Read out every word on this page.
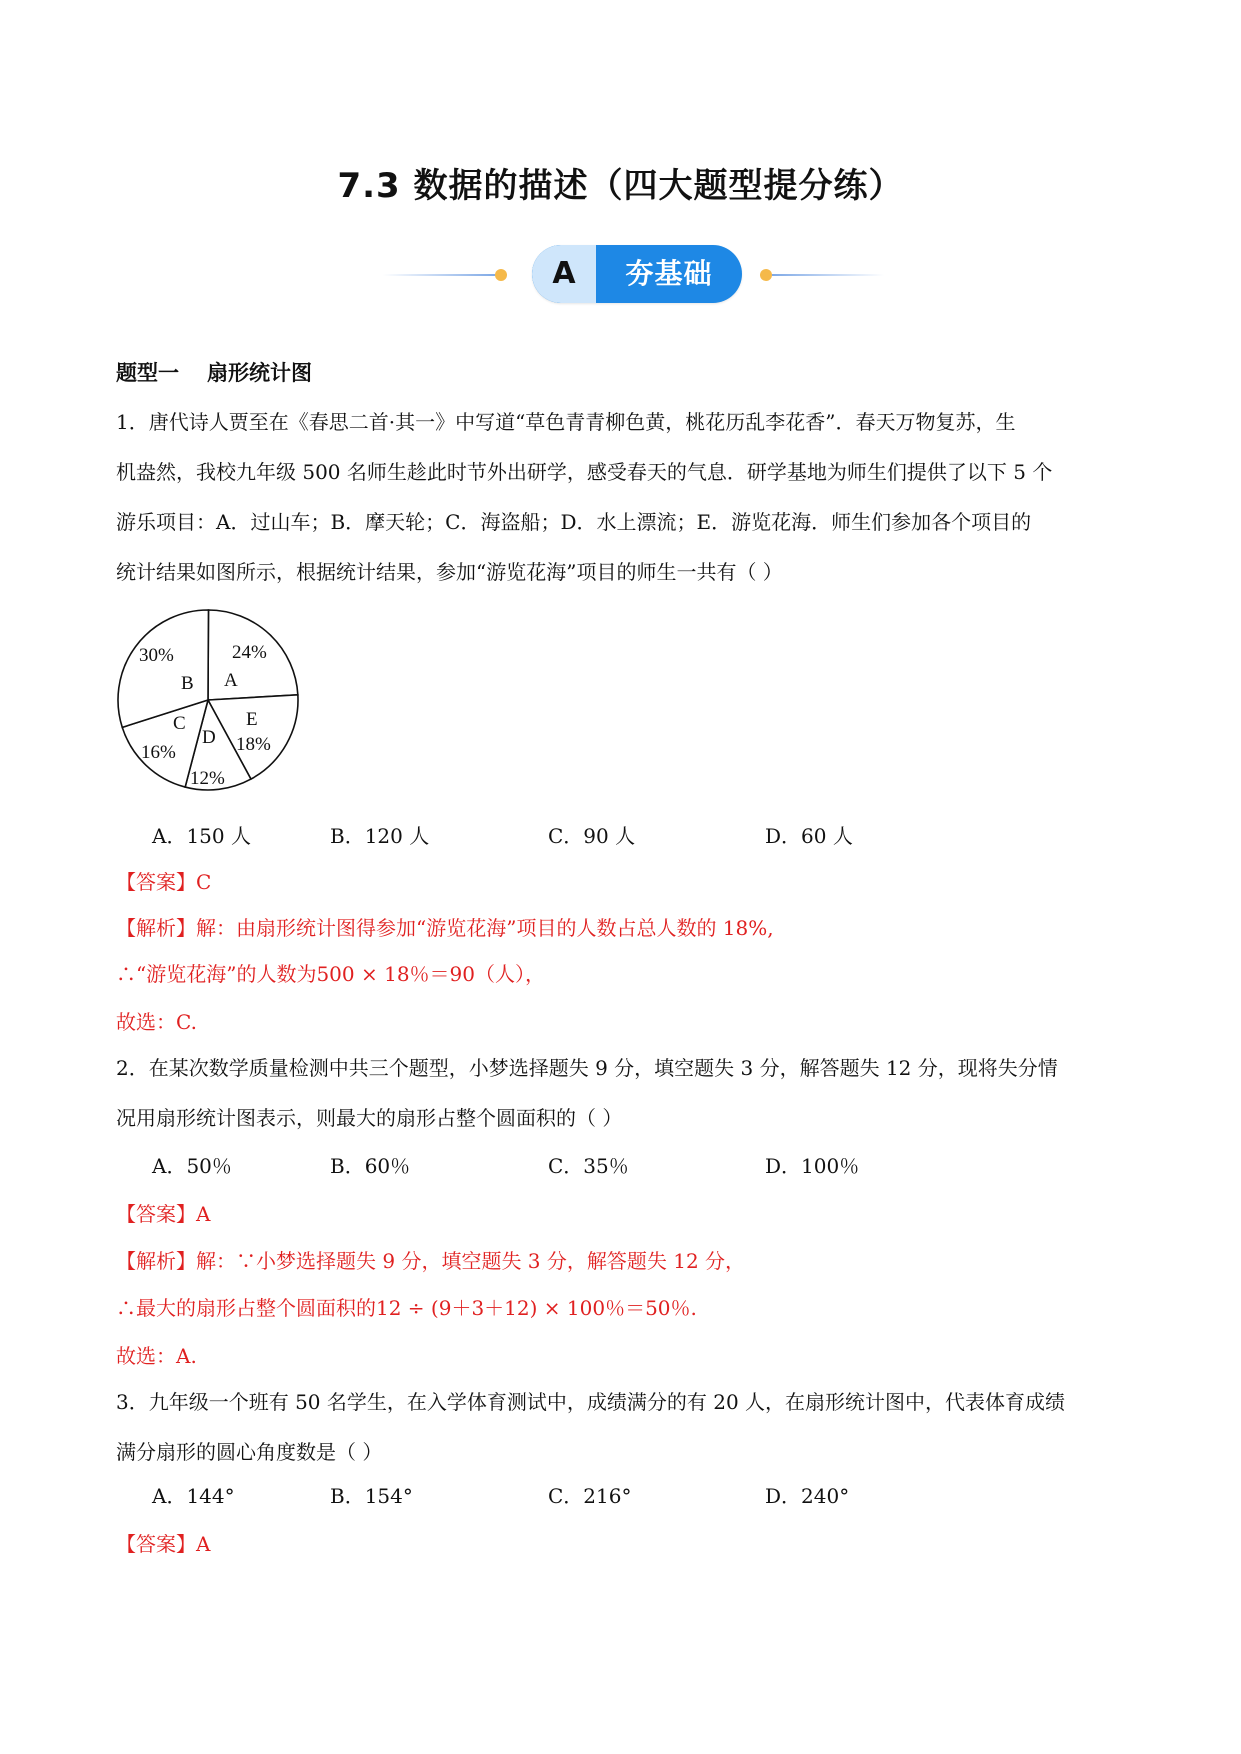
7.3 数据的描述（四大题型提分练）
A	夯基础
题型一 扇形统计图
1．唐代诗人贾至在《春思二首·其一》中写道“草色青青柳色黄，桃花历乱李花香”．春天万物复苏，生
机盎然，我校九年级 500 名师生趁此时节外出研学，感受春天的气息．研学基地为师生们提供了以下 5 个
游乐项目：A．过山车；B．摩天轮；C．海盗船；D．水上漂流；E．游览花海．师生们参加各个项目的
统计结果如图所示，根据统计结果，参加“游览花海”项目的师生一共有（ ）
30%
B
24%
A
C
16%
D
12%
E
18%
A．150 人	B．120 人	C．90 人	D．60 人
【答案】C
【解析】解：由扇形统计图得参加“游览花海”项目的人数占总人数的 18%,
∴“游览花海”的人数为500 × 18％＝90（人），
故选：C.
2．在某次数学质量检测中共三个题型，小梦选择题失 9 分，填空题失 3 分，解答题失 12 分，现将失分情
况用扇形统计图表示，则最大的扇形占整个圆面积的（ ）
A．50％	B．60％	C．35％	D．100％
【答案】A
【解析】解：∵小梦选择题失 9 分，填空题失 3 分，解答题失 12 分，
∴最大的扇形占整个圆面积的12 ÷ (9＋3＋12) × 100％＝50％.
故选：A.
3．九年级一个班有 50 名学生，在入学体育测试中，成绩满分的有 20 人，在扇形统计图中，代表体育成绩
满分扇形的圆心角度数是（ ）
A．144°	B．154°	C．216°	D．240°
【答案】A
